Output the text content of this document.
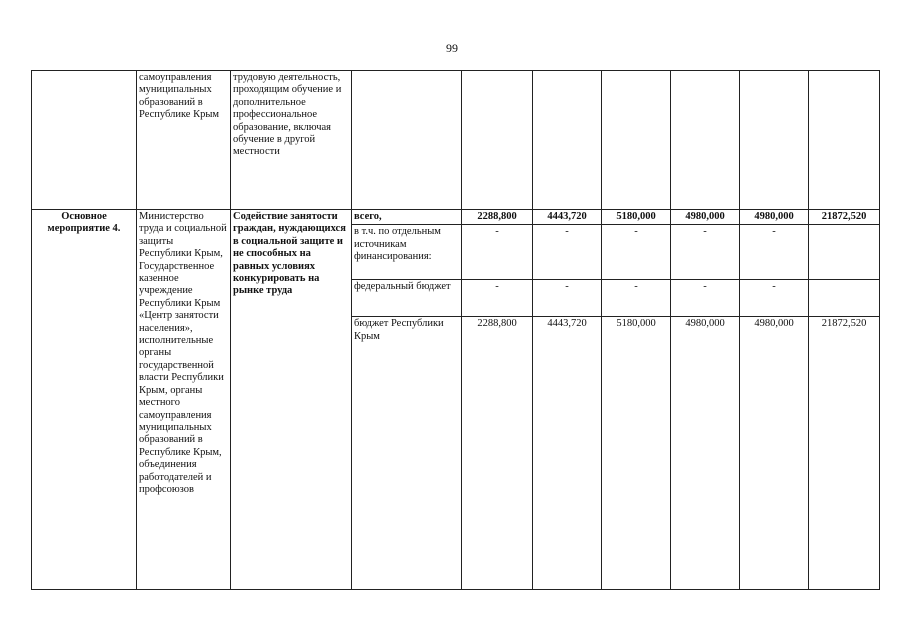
99
	самоуправления муниципальных образований в Республике Крым	трудовую деятельность, проходящим обучение и дополнительное профессиональное образование, включая обучение в другой местности							
Основное мероприятие 4.	Министерство труда и социальной защиты Республики Крым, Государственное казенное учреждение Республики Крым «Центр занятости населения», исполнительные органы государственной власти Республики Крым, органы местного самоуправления муниципальных образований в Республике Крым, объединения работодателей и профсоюзов	Содействие занятости граждан, нуждающихся в социальной защите и не способных на равных условиях конкурировать на рынке труда	всего,	2288,800	4443,720	5180,000	4980,000	4980,000	21872,520
			в т.ч. по отдельным источникам финансирования:	-	-	-	-	-	
			федеральный бюджет	-	-	-	-	-	
			бюджет Республики Крым	2288,800	4443,720	5180,000	4980,000	4980,000	21872,520
